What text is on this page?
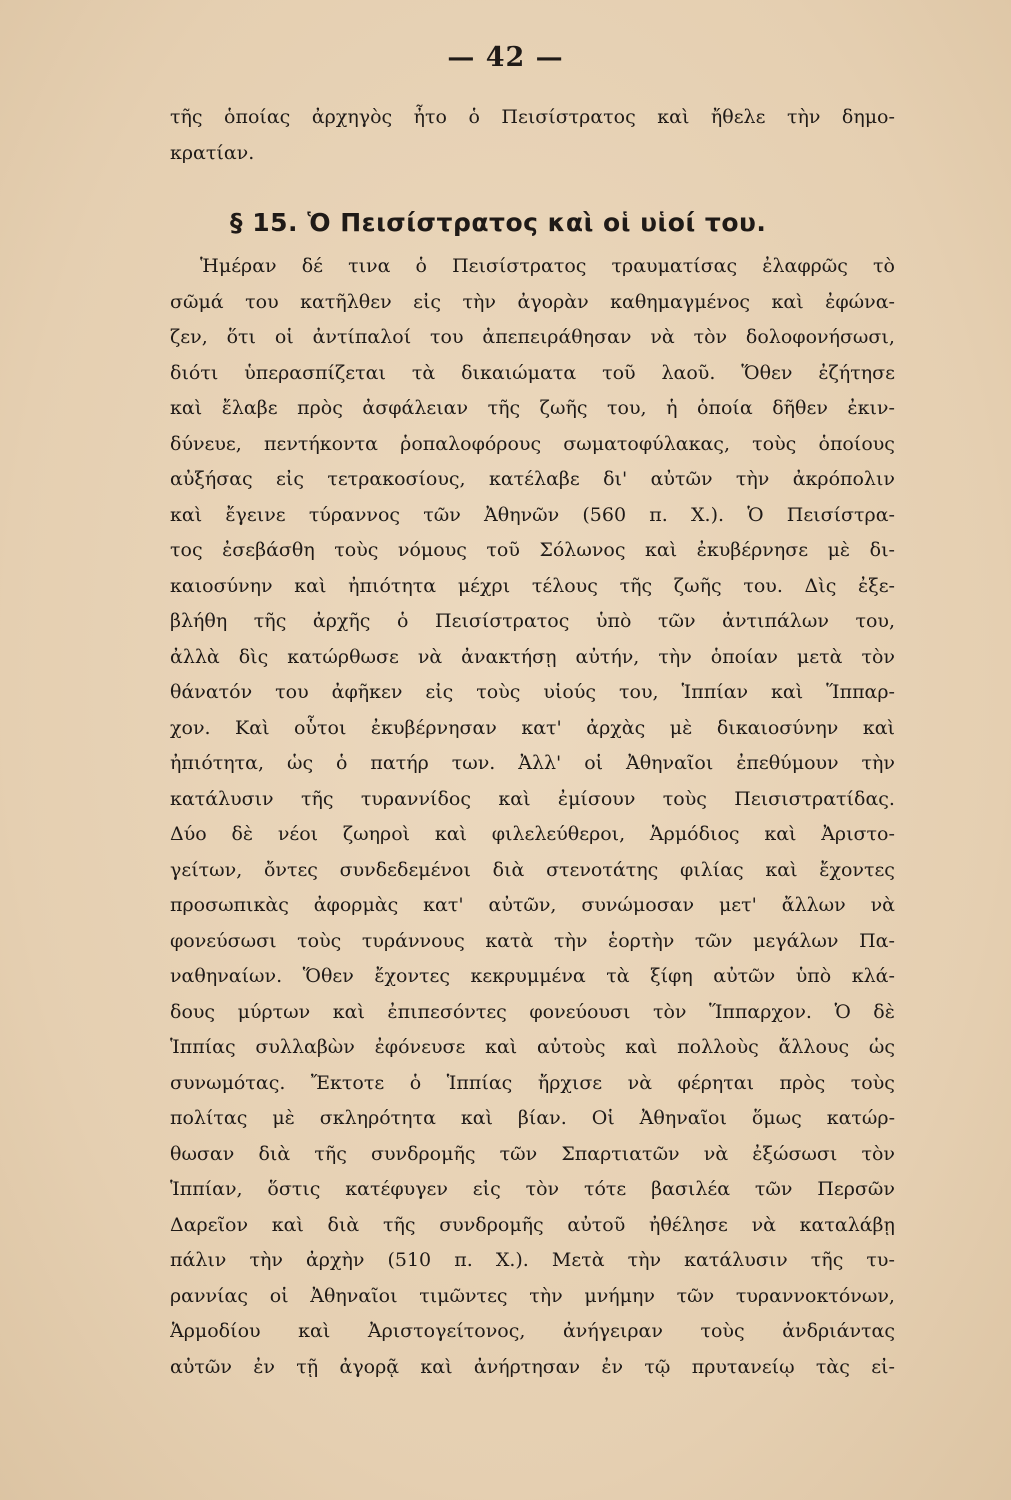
— 42 —
τῆς ὁποίας ἀρχηγὸς ἦτο ὁ Πεισίστρατος καὶ ἤθελε τὴν δημο-
κρατίαν.
§ 15. Ὁ Πεισίστρατος καὶ οἱ υἱοί του.
Ἡμέραν δέ τινα ὁ Πεισίστρατος τραυματίσας ἐλαφρῶς τὸ
σῶμά του κατῆλθεν εἰς τὴν ἀγορὰν καθημαγμένος καὶ ἐφώνα-
ζεν, ὅτι οἱ ἀντίπαλοί του ἀπεπειράθησαν νὰ τὸν δολοφονήσωσι,
διότι ὑπερασπίζεται τὰ δικαιώματα τοῦ λαοῦ. Ὅθεν ἐζήτησε
καὶ ἔλαβε πρὸς ἀσφάλειαν τῆς ζωῆς του, ἡ ὁποία δῆθεν ἐκιν-
δύνευε, πεντήκοντα ῥοπαλοφόρους σωματοφύλακας, τοὺς ὁποίους
αὐξήσας εἰς τετρακοσίους, κατέλαβε δι' αὐτῶν τὴν ἀκρόπολιν
καὶ ἔγεινε τύραννος τῶν Ἀθηνῶν (560 π. Χ.). Ὁ Πεισίστρα-
τος ἐσεβάσθη τοὺς νόμους τοῦ Σόλωνος καὶ ἐκυβέρνησε μὲ δι-
καιοσύνην καὶ ἠπιότητα μέχρι τέλους τῆς ζωῆς του. Δὶς ἐξε-
βλήθη τῆς ἀρχῆς ὁ Πεισίστρατος ὑπὸ τῶν ἀντιπάλων του,
ἀλλὰ δὶς κατώρθωσε νὰ ἀνακτήσῃ αὐτήν, τὴν ὁποίαν μετὰ τὸν
θάνατόν του ἀφῆκεν εἰς τοὺς υἱούς του, Ἱππίαν καὶ Ἵππαρ-
χον. Καὶ οὗτοι ἐκυβέρνησαν κατ' ἀρχὰς μὲ δικαιοσύνην καὶ
ἠπιότητα, ὡς ὁ πατήρ των. Ἀλλ' οἱ Ἀθηναῖοι ἐπεθύμουν τὴν
κατάλυσιν τῆς τυραννίδος καὶ ἐμίσουν τοὺς Πεισιστρατίδας.
Δύο δὲ νέοι ζωηροὶ καὶ φιλελεύθεροι, Ἁρμόδιος καὶ Ἀριστο-
γείτων, ὄντες συνδεδεμένοι διὰ στενοτάτης φιλίας καὶ ἔχοντες
προσωπικὰς ἀφορμὰς κατ' αὐτῶν, συνώμοσαν μετ' ἄλλων νὰ
φονεύσωσι τοὺς τυράννους κατὰ τὴν ἑορτὴν τῶν μεγάλων Πα-
ναθηναίων. Ὅθεν ἔχοντες κεκρυμμένα τὰ ξίφη αὐτῶν ὑπὸ κλά-
δους μύρτων καὶ ἐπιπεσόντες φονεύουσι τὸν Ἵππαρχον. Ὁ δὲ
Ἱππίας συλλαβὼν ἐφόνευσε καὶ αὐτοὺς καὶ πολλοὺς ἄλλους ὡς
συνωμότας. Ἔκτοτε ὁ Ἱππίας ἤρχισε νὰ φέρηται πρὸς τοὺς
πολίτας μὲ σκληρότητα καὶ βίαν. Οἱ Ἀθηναῖοι ὅμως κατώρ-
θωσαν διὰ τῆς συνδρομῆς τῶν Σπαρτιατῶν νὰ ἐξώσωσι τὸν
Ἱππίαν, ὅστις κατέφυγεν εἰς τὸν τότε βασιλέα τῶν Περσῶν
Δαρεῖον καὶ διὰ τῆς συνδρομῆς αὐτοῦ ἠθέλησε νὰ καταλάβῃ
πάλιν τὴν ἀρχὴν (510 π. Χ.). Μετὰ τὴν κατάλυσιν τῆς τυ-
ραννίας οἱ Ἀθηναῖοι τιμῶντες τὴν μνήμην τῶν τυραννοκτόνων,
Ἁρμοδίου καὶ Ἀριστογείτονος, ἀνήγειραν τοὺς ἀνδριάντας
αὐτῶν ἐν τῇ ἀγορᾷ καὶ ἀνήρτησαν ἐν τῷ πρυτανείῳ τὰς εἰ-
